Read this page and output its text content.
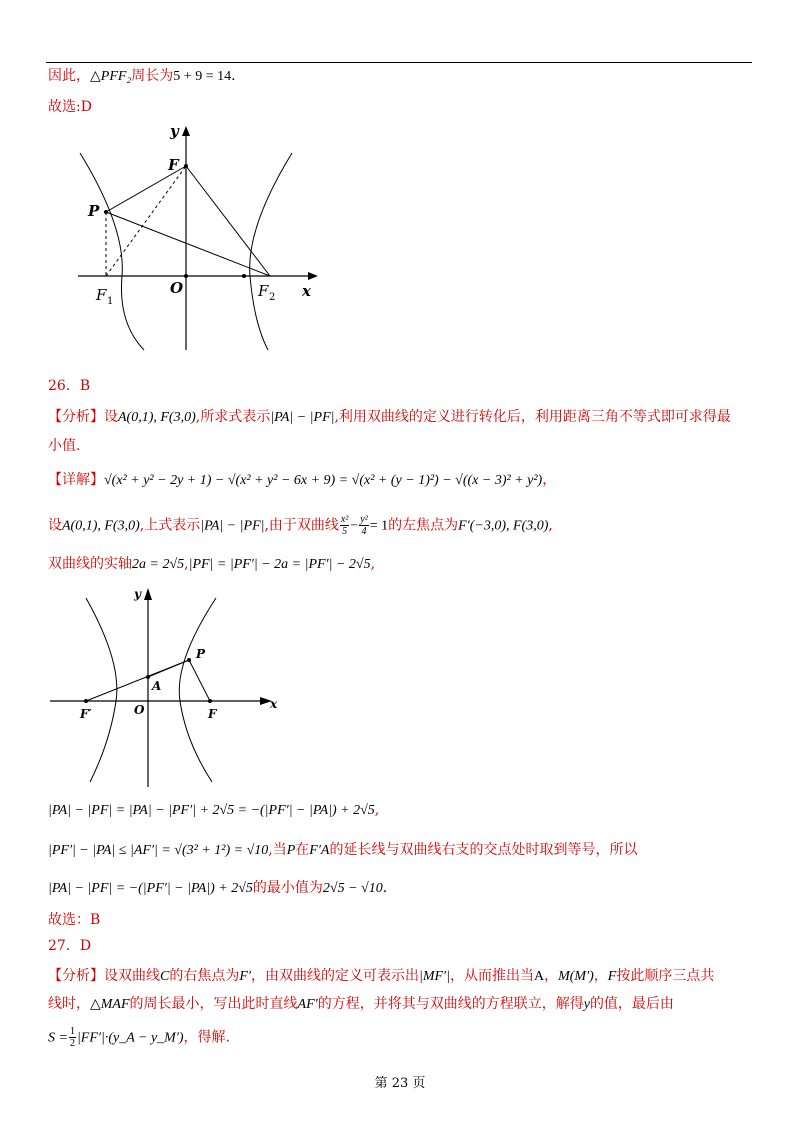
因此，△PFF₂周长为5 + 9 = 14.
故选:D
y
F
P
F 1
O	F 2 x
26．B
【分析】设A(0,1), F(3,0),所求式表示|PA| − |PF|,利用双曲线的定义进行转化后，利用距离三角不等式即可求得最
小值.
【详解】√(x² + y² − 2y + 1) − √(x² + y² − 6x + 9) = √(x² + (y − 1)²) − √((x − 3)² + y²)，
设A(0,1), F(3,0),上式表示|PA| − |PF|,由于双曲线 $\frac{\text{x²}}{5} - \frac{\text{y²}}{4} = 1$的左焦点为F′(−3,0), F(3,0),
双曲线的实轴2a = 2√5,|PF| = |PF′| − 2a = |PF′| − 2√5,
y
x
P
A
O
F′	F
|PA| − |PF| = |PA| − |PF′| + 2√5 = −(|PF′| − |PA|) + 2√5,
|PF′| − |PA| ≤ |AF′| = √(3² + 1²) = √10,当P在F′A的延长线与双曲线右支的交点处时取到等号，所以
|PA| − |PF| = −(|PF′| − |PA|) + 2√5的最小值为2√5 − √10.
故选：B
27．D
【分析】设双曲线C的右焦点为F′，由双曲线的定义可表示出|MF′|，从而推出当A，M(M′)，F按此顺序三点共
线时，△MAF的周长最小，写出此时直线AF′的方程，并将其与双曲线的方程联立，解得y的值，最后由
$S = \frac{1}{2}$ |FF′|·(y_A − y_M′)，得解.
第 23 页
